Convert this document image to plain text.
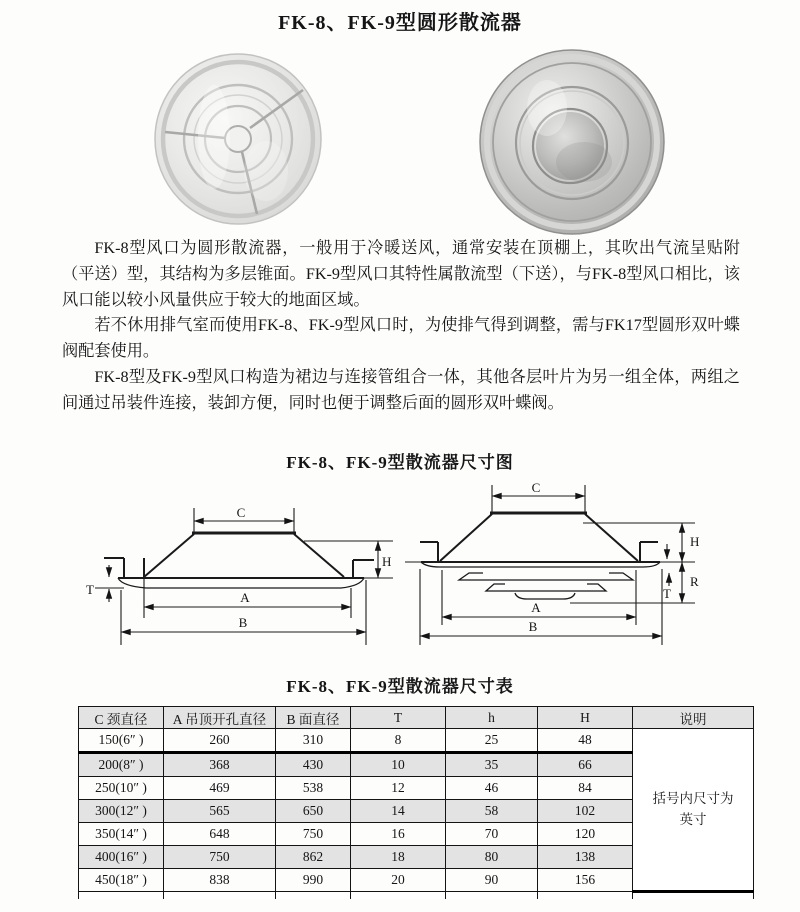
FK-8、FK-9型圆形散流器

FK-8型风口为圆形散流器，一般用于冷暖送风，通常安装在顶棚上，其吹出气流呈贴附（平送）型，其结构为多层锥面。FK-9型风口其特性属散流型（下送），与FK-8型风口相比，该风口能以较小风量供应于较大的地面区域。

若不休用排气室而使用FK-8、FK-9型风口时，为使排气得到调整，需与FK17型圆形双叶蝶阀配套使用。

FK-8型及FK-9型风口构造为裙边与连接管组合一体，其他各层叶片为另一组全体，两组之间通过吊装件连接，装卸方便，同时也便于调整后面的圆形双叶蝶阀。

FK-8、FK-9型散流器尺寸图
C
H
T
A
B
C
H
R
T
A
B
FK-8、FK-9型散流器尺寸表
C 颈直径	A 吊顶开孔直径	B 面直径	T	h	H	说明
150(6″ )	260	310	8	25	48	括号内尺寸为英寸
200(8″ )	368	430	10	35	66	
250(10″ )	469	538	12	46	84	
300(12″ )	565	650	14	58	102	
350(14″ )	648	750	16	70	120	
400(16″ )	750	862	18	80	138	
450(18″ )	838	990	20	90	156	
